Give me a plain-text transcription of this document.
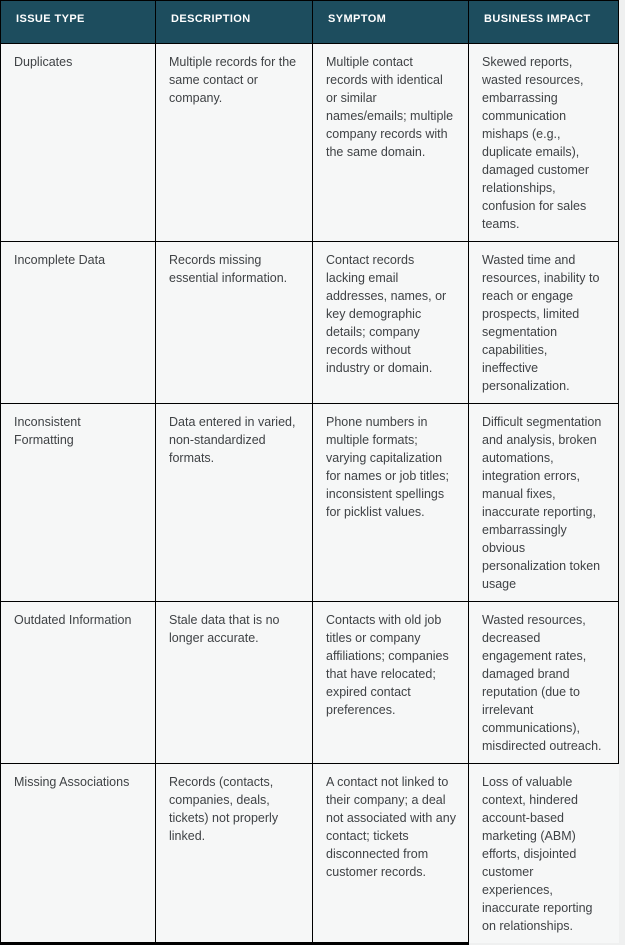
ISSUE TYPE	DESCRIPTION	SYMPTOM	BUSINESS IMPACT
Duplicates	Multiple records for the same contact or company.	Multiple contact records with identical or similar names/emails; multiple company records with the same domain.	Skewed reports, wasted resources, embarrassing communication mishaps (e.g., duplicate emails), damaged customer relationships, confusion for sales teams.
Incomplete Data	Records missing essential information.	Contact records lacking email addresses, names, or key demographic details; company records without industry or domain.	Wasted time and resources, inability to reach or engage prospects, limited segmentation capabilities, ineffective personalization.
Inconsistent Formatting	Data entered in varied, non-standardized formats.	Phone numbers in multiple formats; varying capitalization for names or job titles; inconsistent spellings for picklist values.	Difficult segmentation and analysis, broken automations, integration errors, manual fixes, inaccurate reporting, embarrassingly obvious personalization token usage
Outdated Information	Stale data that is no longer accurate.	Contacts with old job titles or company affiliations; companies that have relocated; expired contact preferences.	Wasted resources, decreased engagement rates, damaged brand reputation (due to irrelevant communications), misdirected outreach.
Missing Associations	Records (contacts, companies, deals, tickets) not properly linked.	A contact not linked to their company; a deal not associated with any contact; tickets disconnected from customer records.	Loss of valuable context, hindered account-based marketing (ABM) efforts, disjointed customer experiences, inaccurate reporting on relationships.
